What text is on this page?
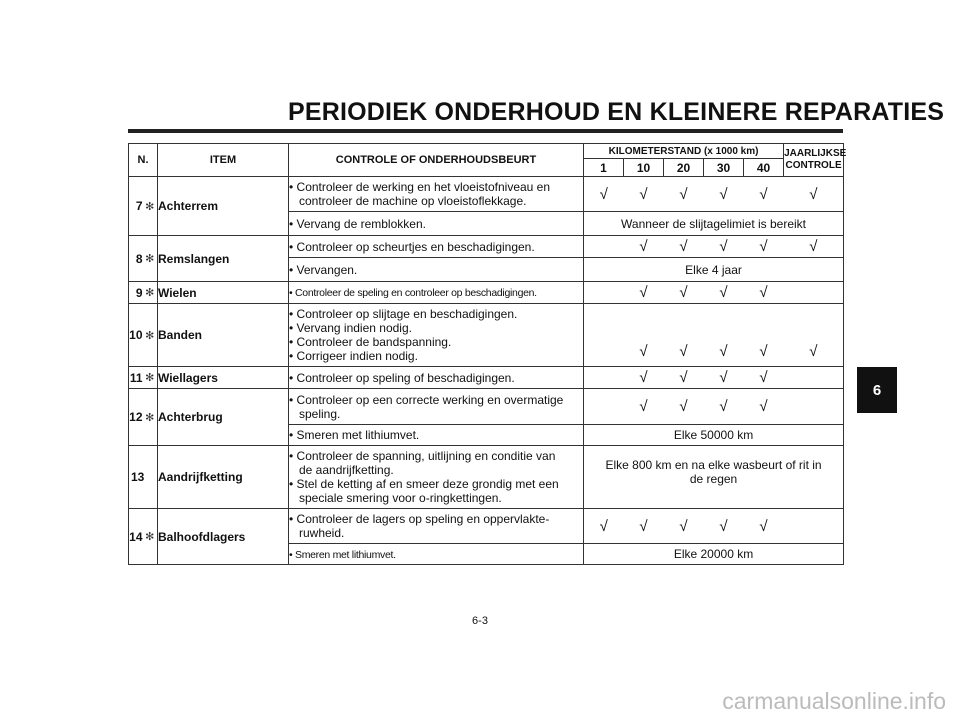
PERIODIEK ONDERHOUD EN KLEINERE REPARATIES
6
N.		ITEM	CONTROLE OF ONDERHOUDSBEURT	KILOMETERSTAND (x 1000 km)					JAARLIJKSE
CONTROLE

				1	10	20	30	40	
7	✻	Achterrem	• Controleer de werking en het vloeistofniveau en
controleer de machine op vloeistoflekkage.	√	√	√	√	√	√
			• Vervang de remblokken.	Wanneer de slijtagelimiet is bereikt					
8	✻	Remslangen	• Controleer op scheurtjes en beschadigingen.		√	√	√	√	√
			• Vervangen.	Elke 4 jaar					
9	✻	Wielen	• Controleer de speling en controleer op beschadigingen.		√	√	√	√	
10	✻	Banden	• Controleer op slijtage en beschadigingen.
• Vervang indien nodig.
• Controleer de bandspanning.
• Corrigeer indien nodig.		√	√	√	√	√
11	✻	Wiellagers	• Controleer op speling of beschadigingen.		√	√	√	√	
12	✻	Achterbrug	• Controleer op een correcte werking en overmatige
speling.		√	√	√	√	
			• Smeren met lithiumvet.	Elke 50000 km					
13		Aandrijfketting	• Controleer de spanning, uitlijning en conditie van
de aandrijfketting.
• Stel de ketting af en smeer deze grondig met een
speciale smering voor o-ringkettingen.	Elke 800 km en na elke wasbeurt of rit in
de regen					

14	✻	Balhoofdlagers	• Controleer de lagers op speling en oppervlakte-
ruwheid.	√	√	√	√	√	
			• Smeren met lithiumvet.	Elke 20000 km					
6-3
carmanualsonline.info
